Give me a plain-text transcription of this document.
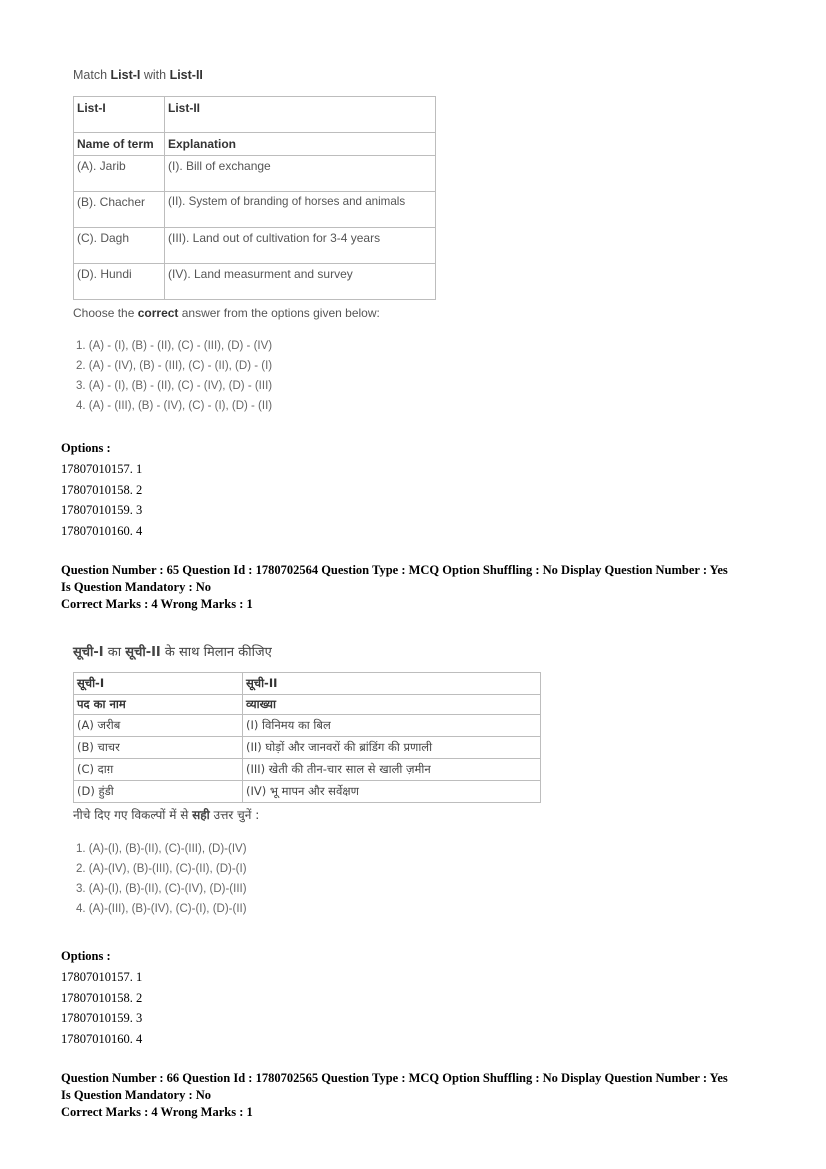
Match List-I with List-II
List-I	List-II
Name of term	Explanation
(A). Jarib	(I). Bill of exchange
(B). Chacher	(II). System of branding of horses and animals
(C). Dagh	(III). Land out of cultivation for 3-4 years
(D). Hundi	(IV). Land measurment and survey
Choose the correct answer from the options given below:

1. (A) - (I), (B) - (II), (C) - (III), (D) - (IV)

2. (A) - (IV), (B) - (III), (C) - (II), (D) - (I)

3. (A) - (I), (B) - (II), (C) - (IV), (D) - (III)

4. (A) - (III), (B) - (IV), (C) - (I), (D) - (II)

Options :
17807010157. 1
17807010158. 2
17807010159. 3
17807010160. 4
Question Number : 65 Question Id : 1780702564 Question Type : MCQ Option Shuffling : No Display Question Number : Yes
Is Question Mandatory : No
Correct Marks : 4 Wrong Marks : 1
सूची-I का सूची-II के साथ मिलान कीजिए
सूची-I	सूची-II
पद का नाम	व्याख्या
(A) जरीब	(I) विनिमय का बिल
(B) चाचर	(II) घोड़ों और जानवरों की ब्रांडिंग की प्रणाली
(C) दाग़	(III) खेती की तीन-चार साल से खाली ज़मीन
(D) हुंडी	(IV) भू मापन और सर्वेक्षण
नीचे दिए गए विकल्पों में से सही उत्तर चुनें :

1. (A)-(I), (B)-(II), (C)-(III), (D)-(IV)

2. (A)-(IV), (B)-(III), (C)-(II), (D)-(I)

3. (A)-(I), (B)-(II), (C)-(IV), (D)-(III)

4. (A)-(III), (B)-(IV), (C)-(I), (D)-(II)

Options :
17807010157. 1
17807010158. 2
17807010159. 3
17807010160. 4
Question Number : 66 Question Id : 1780702565 Question Type : MCQ Option Shuffling : No Display Question Number : Yes
Is Question Mandatory : No
Correct Marks : 4 Wrong Marks : 1
